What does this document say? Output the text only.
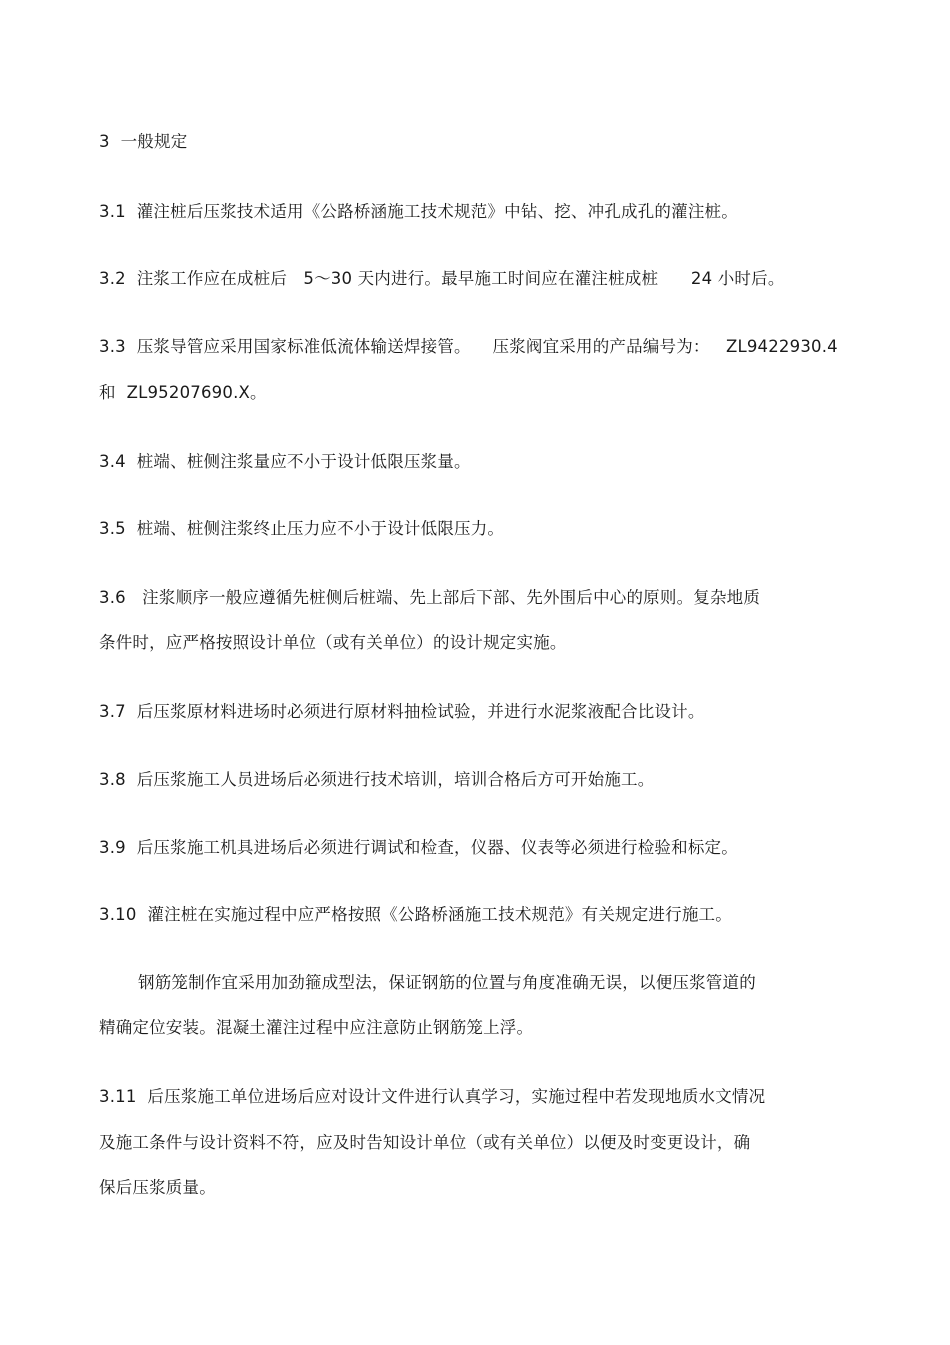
3  一般规定
3.1  灌注桩后压浆技术适用《公路桥涵施工技术规范》中钻、挖、冲孔成孔的灌注桩。
3.2  注浆工作应在成桩后   5～30 天内进行。最早施工时间应在灌注桩成桩      24 小时后。
3.3  压浆导管应采用国家标准低流体输送焊接管。    压浆阀宜采用的产品编号为：   ZL9422930.4
和  ZL95207690.X。
3.4  桩端、桩侧注浆量应不小于设计低限压浆量。
3.5  桩端、桩侧注浆终止压力应不小于设计低限压力。
3.6   注浆顺序一般应遵循先桩侧后桩端、先上部后下部、先外围后中心的原则。复杂地质
条件时，应严格按照设计单位（或有关单位）的设计规定实施。
3.7  后压浆原材料进场时必须进行原材料抽检试验，并进行水泥浆液配合比设计。
3.8  后压浆施工人员进场后必须进行技术培训，培训合格后方可开始施工。
3.9  后压浆施工机具进场后必须进行调试和检查，仪器、仪表等必须进行检验和标定。
3.10  灌注桩在实施过程中应严格按照《公路桥涵施工技术规范》有关规定进行施工。
钢筋笼制作宜采用加劲箍成型法，保证钢筋的位置与角度准确无误，以便压浆管道的
精确定位安装。混凝土灌注过程中应注意防止钢筋笼上浮。
3.11  后压浆施工单位进场后应对设计文件进行认真学习，实施过程中若发现地质水文情况
及施工条件与设计资料不符，应及时告知设计单位（或有关单位）以便及时变更设计，确
保后压浆质量。
